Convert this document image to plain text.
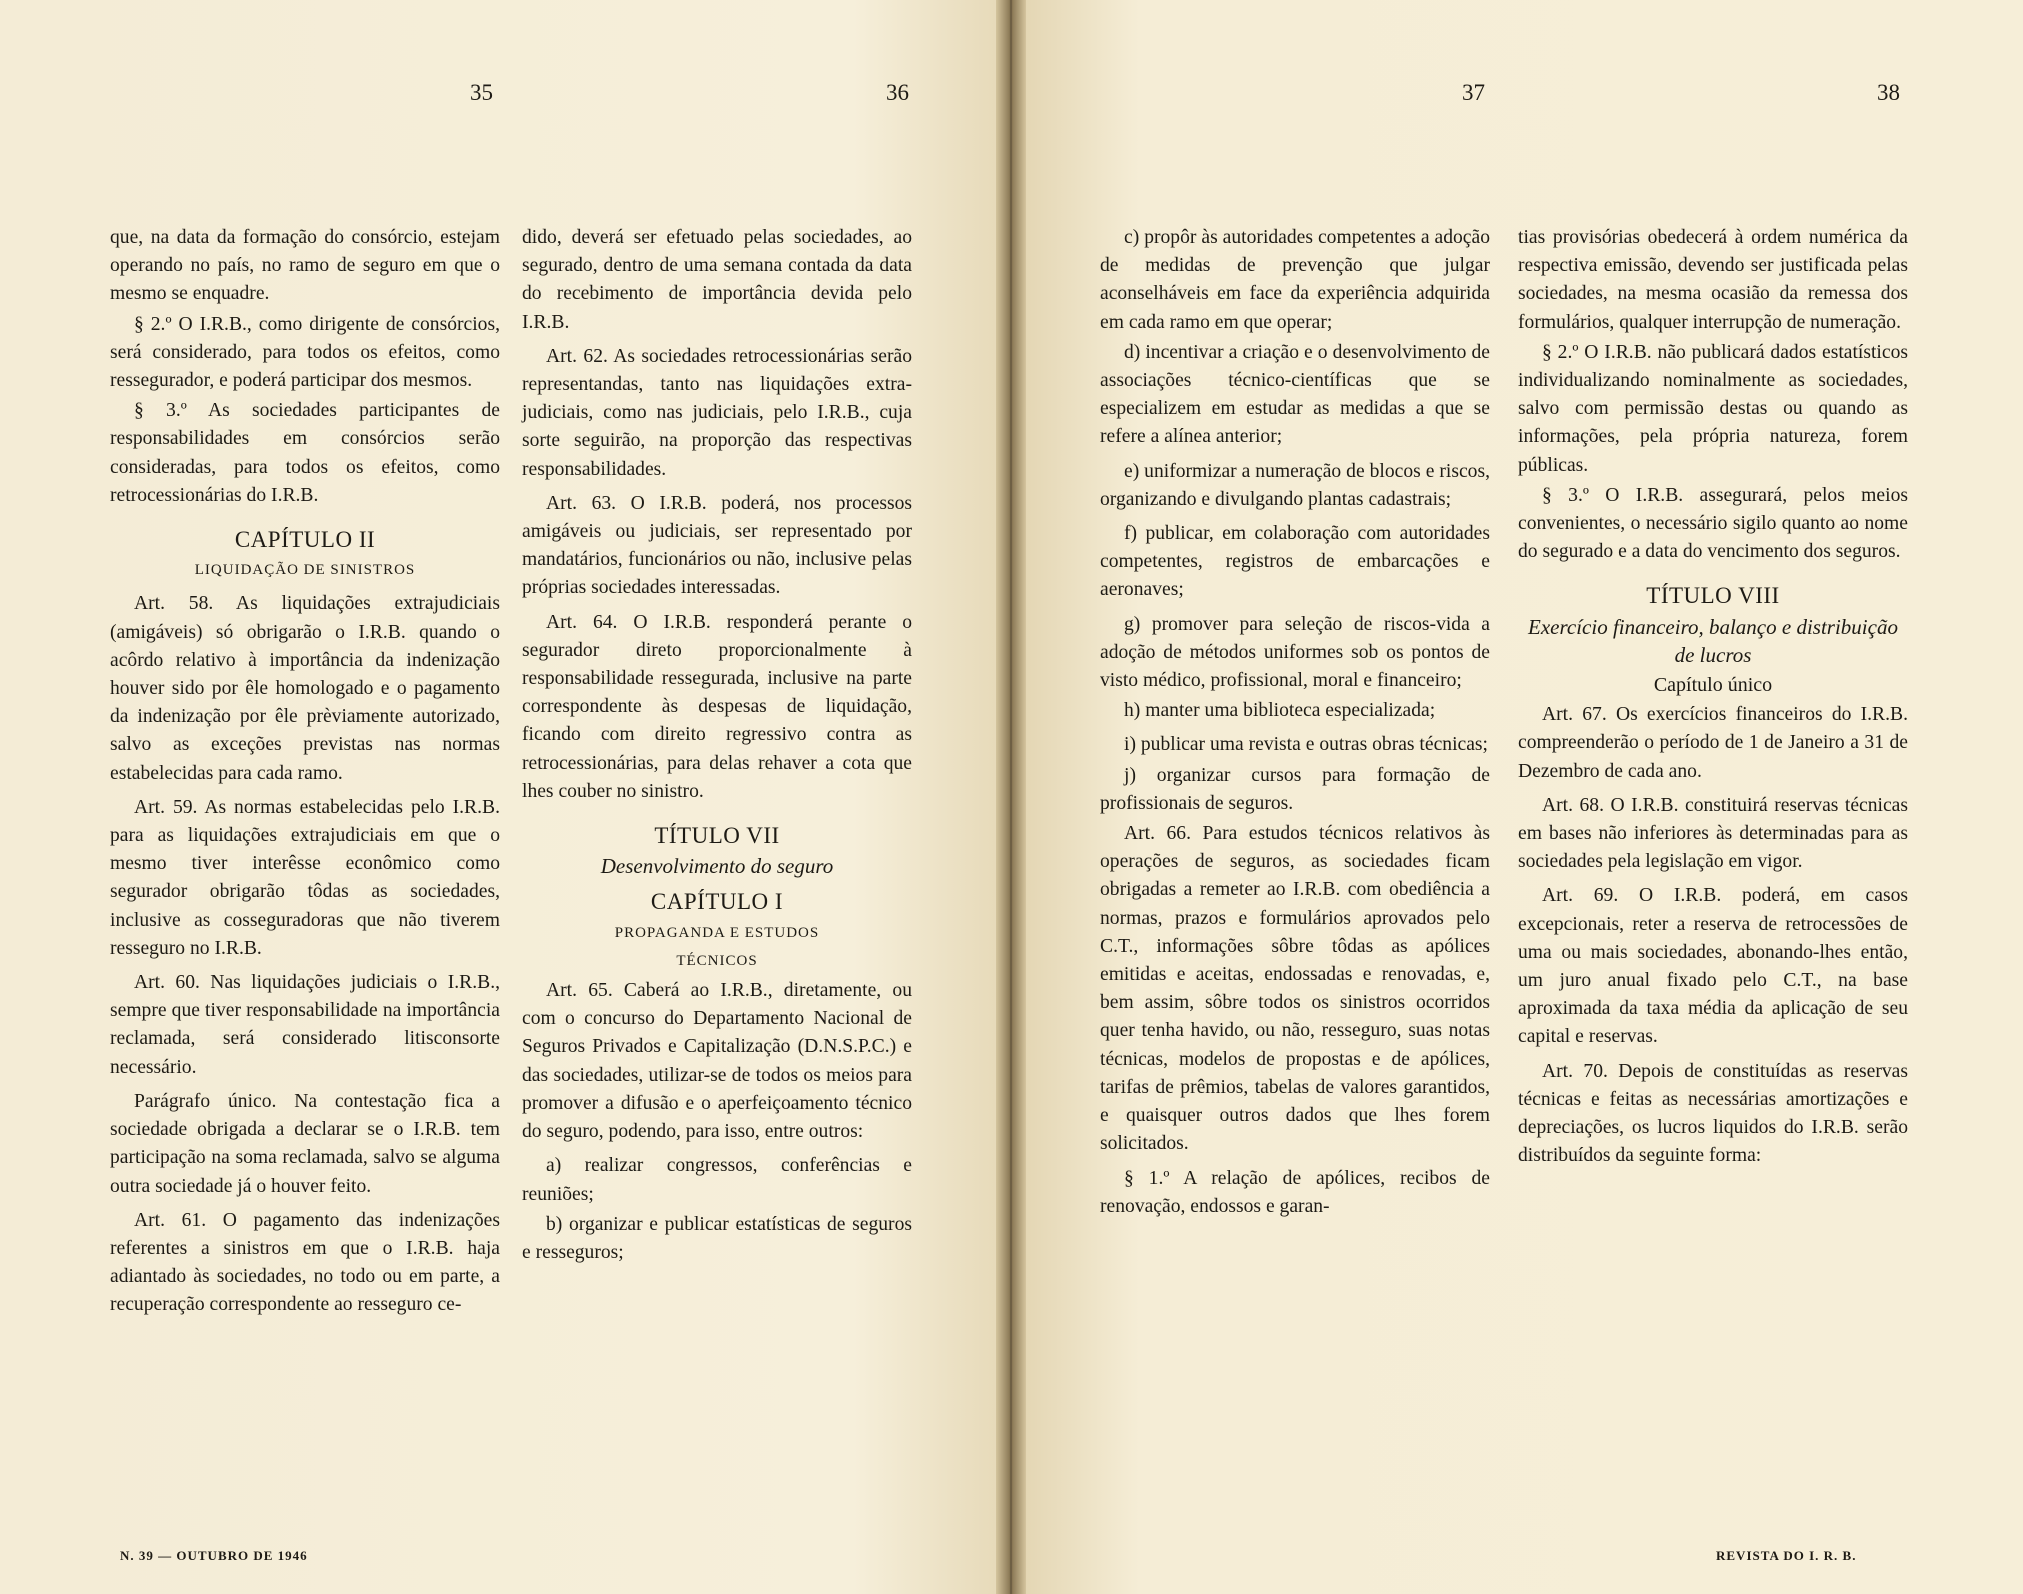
35	36	37	38

que, na data da formação do consórcio, estejam operando no país, no ramo de seguro em que o mesmo se enquadre.

§ 2.º O I.R.B., como dirigente de consórcios, será considerado, para todos os efeitos, como ressegurador, e poderá participar dos mesmos.

§ 3.º As sociedades participantes de responsabilidades em consórcios serão consideradas, para todos os efeitos, como retrocessionárias do I.R.B.

CAPÍTULO II

LIQUIDAÇÃO DE SINISTROS

Art. 58. As liquidações extrajudiciais (amigáveis) só obrigarão o I.R.B. quando o acôrdo relativo à importância da indenização houver sido por êle homologado e o pagamento da indenização por êle prèviamente autorizado, salvo as exceções previstas nas normas estabelecidas para cada ramo.

Art. 59. As normas estabelecidas pelo I.R.B. para as liquidações extrajudiciais em que o mesmo tiver interêsse econômico como segurador obrigarão tôdas as sociedades, inclusive as cosseguradoras que não tiverem resseguro no I.R.B.

Art. 60. Nas liquidações judiciais o I.R.B., sempre que tiver responsabilidade na importância reclamada, será considerado litisconsorte necessário.

Parágrafo único. Na contestação fica a sociedade obrigada a declarar se o I.R.B. tem participação na soma reclamada, salvo se alguma outra sociedade já o houver feito.

Art. 61. O pagamento das indenizações referentes a sinistros em que o I.R.B. haja adiantado às sociedades, no todo ou em parte, a recuperação correspondente ao resseguro ce-

dido, deverá ser efetuado pelas sociedades, ao segurado, dentro de uma semana contada da data do recebimento de importância devida pelo I.R.B.

Art. 62. As sociedades retrocessionárias serão representandas, tanto nas liquidações extra-judiciais, como nas judiciais, pelo I.R.B., cuja sorte seguirão, na proporção das respectivas responsabilidades.

Art. 63. O I.R.B. poderá, nos processos amigáveis ou judiciais, ser representado por mandatários, funcionários ou não, inclusive pelas próprias sociedades interessadas.

Art. 64. O I.R.B. responderá perante o segurador direto proporcionalmente à responsabilidade ressegurada, inclusive na parte correspondente às despesas de liquidação, ficando com direito regressivo contra as retrocessionárias, para delas rehaver a cota que lhes couber no sinistro.

TÍTULO VII

Desenvolvimento do seguro

CAPÍTULO I

PROPAGANDA E ESTUDOS

TÉCNICOS

Art. 65. Caberá ao I.R.B., diretamente, ou com o concurso do Departamento Nacional de Seguros Privados e Capitalização (D.N.S.P.C.) e das sociedades, utilizar-se de todos os meios para promover a difusão e o aperfeiçoamento técnico do seguro, podendo, para isso, entre outros:

a) realizar congressos, conferências e reuniões;

b) organizar e publicar estatísticas de seguros e resseguros;

c) propôr às autoridades competentes a adoção de medidas de prevenção que julgar aconselháveis em face da experiência adquirida em cada ramo em que operar;

d) incentivar a criação e o desenvolvimento de associações técnico-científicas que se especializem em estudar as medidas a que se refere a alínea anterior;

e) uniformizar a numeração de blocos e riscos, organizando e divulgando plantas cadastrais;

f) publicar, em colaboração com autoridades competentes, registros de embarcações e aeronaves;

g) promover para seleção de riscos-vida a adoção de métodos uniformes sob os pontos de visto médico, profissional, moral e financeiro;

h) manter uma biblioteca especializada;

i) publicar uma revista e outras obras técnicas;

j) organizar cursos para formação de profissionais de seguros.

Art. 66. Para estudos técnicos relativos às operações de seguros, as sociedades ficam obrigadas a remeter ao I.R.B. com obediência a normas, prazos e formulários aprovados pelo C.T., informações sôbre tôdas as apólices emitidas e aceitas, endossadas e renovadas, e, bem assim, sôbre todos os sinistros ocorridos quer tenha havido, ou não, resseguro, suas notas técnicas, modelos de propostas e de apólices, tarifas de prêmios, tabelas de valores garantidos, e quaisquer outros dados que lhes forem solicitados.

§ 1.º A relação de apólices, recibos de renovação, endossos e garan-

tias provisórias obedecerá à ordem numérica da respectiva emissão, devendo ser justificada pelas sociedades, na mesma ocasião da remessa dos formulários, qualquer interrupção de numeração.

§ 2.º O I.R.B. não publicará dados estatísticos individualizando nominalmente as sociedades, salvo com permissão destas ou quando as informações, pela própria natureza, forem públicas.

§ 3.º O I.R.B. assegurará, pelos meios convenientes, o necessário sigilo quanto ao nome do segurado e a data do vencimento dos seguros.

TÍTULO VIII

Exercício financeiro, balanço e distribuição de lucros

Capítulo único

Art. 67. Os exercícios financeiros do I.R.B. compreenderão o período de 1 de Janeiro a 31 de Dezembro de cada ano.

Art. 68. O I.R.B. constituirá reservas técnicas em bases não inferiores às determinadas para as sociedades pela legislação em vigor.

Art. 69. O I.R.B. poderá, em casos excepcionais, reter a reserva de retrocessões de uma ou mais sociedades, abonando-lhes então, um juro anual fixado pelo C.T., na base aproximada da taxa média da aplicação de seu capital e reservas.

Art. 70. Depois de constituídas as reservas técnicas e feitas as necessárias amortizações e depreciações, os lucros liquidos do I.R.B. serão distribuídos da seguinte forma:

N. 39 — OUTUBRO DE 1946	REVISTA DO I. R. B.
